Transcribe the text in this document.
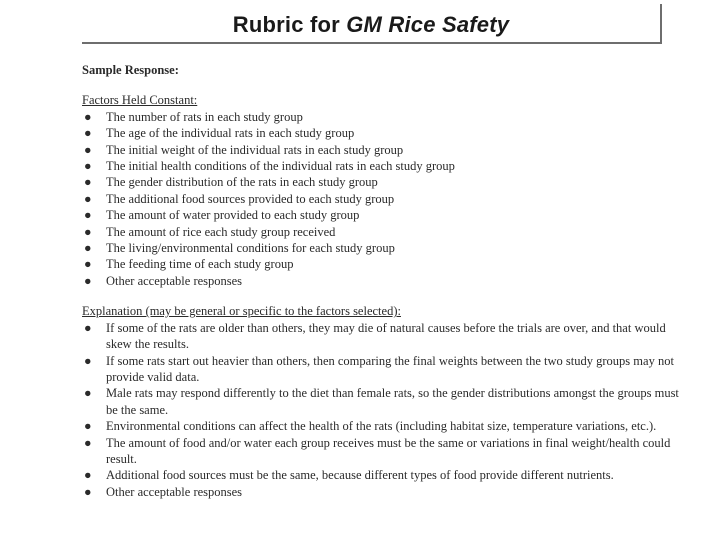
Rubric for GM Rice Safety
Sample Response:
Factors Held Constant:
● The number of rats in each study group
● The age of the individual rats in each study group
● The initial weight of the individual rats in each study group
● The initial health conditions of the individual rats in each study group
● The gender distribution of the rats in each study group
● The additional food sources provided to each study group
● The amount of water provided to each study group
● The amount of rice each study group received
● The living/environmental conditions for each study group
● The feeding time of each study group
● Other acceptable responses
Explanation (may be general or specific to the factors selected):
● If some of the rats are older than others, they may die of natural causes before the trials are over, and that would skew the results.
● If some rats start out heavier than others, then comparing the final weights between the two study groups may not provide valid data.
● Male rats may respond differently to the diet than female rats, so the gender distributions amongst the groups must be the same.
● Environmental conditions can affect the health of the rats (including habitat size, temperature variations, etc.).
● The amount of food and/or water each group receives must be the same or variations in final weight/health could result.
● Additional food sources must be the same, because different types of food provide different nutrients.
● Other acceptable responses
